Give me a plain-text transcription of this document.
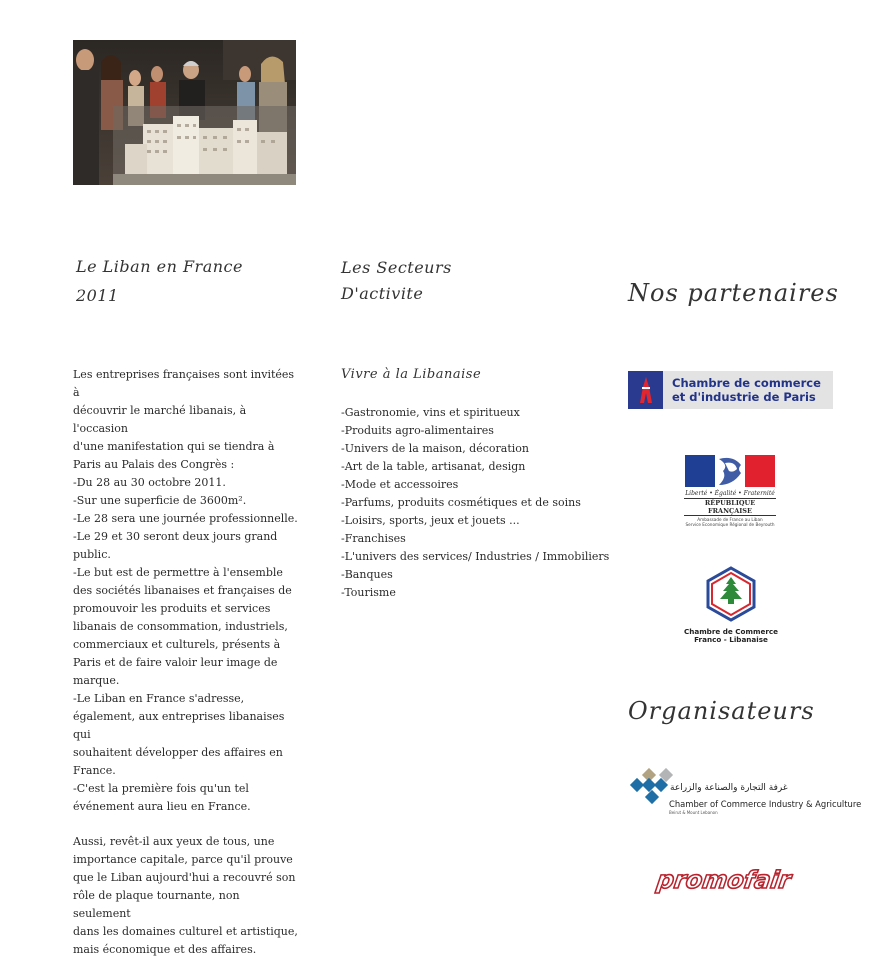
Le Liban en France
2011
Les Secteurs
D'activite	Nos partenaires
Vivre à la Libanaise

Les entreprises françaises sont invitées à

découvrir le marché libanais, à l'occasion

d'une manifestation qui se tiendra à

Paris au Palais des Congrès :

-Du 28 au 30 octobre 2011.

-Sur une superficie de 3600m².

-Le 28 sera une journée professionnelle.

-Le 29 et 30 seront deux jours grand

public.

-Le but est de permettre à l'ensemble

des sociétés libanaises et françaises de

promouvoir les produits et services

libanais de consommation, industriels,

commerciaux et culturels, présents à

Paris et de faire valoir leur image de

marque.

-Le Liban en France s'adresse,

également, aux entreprises libanaises qui

souhaitent développer des affaires en

France.

-C'est la première fois qu'un tel

événement aura lieu en France.

Aussi, revêt-il aux yeux de tous, une

importance capitale, parce qu'il prouve

que le Liban aujourd'hui a recouvré son

rôle de plaque tournante, non seulement

dans les domaines culturel et artistique,

mais économique et des affaires.

-Gastronomie, vins et spiritueux
-Produits agro-alimentaires
-Univers de la maison, décoration
-Art de la table, artisanat, design
-Mode et accessoires
-Parfums, produits cosmétiques et de soins
-Loisirs, sports, jeux et jouets ...
-Franchises
-L'univers des services/ Industries / Immobiliers
-Banques
-Tourisme
Chambre de commerce
et d'industrie de Paris
Liberté • Égalité • Fraternité
RÉPUBLIQUE FRANÇAISE
Ambassade de France au Liban
Service Economique Régional de Beyrouth
Chambre de Commerce
Franco - Libanaise
Organisateurs
غرفة التجارة والصناعة والزراعة
Chamber of Commerce Industry & Agriculture
Beirut & Mount Lebanon
promofair
